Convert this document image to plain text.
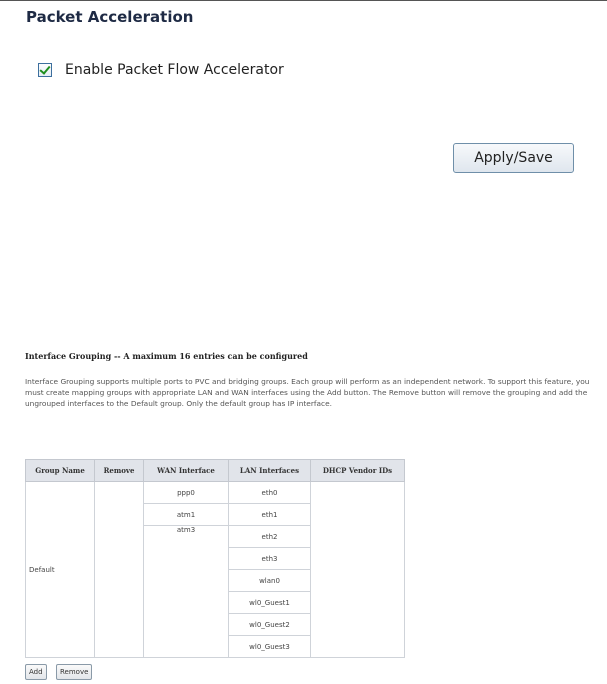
Packet Acceleration
Enable Packet Flow Accelerator
Apply/Save
Interface Grouping -- A maximum 16 entries can be configured
Interface Grouping supports multiple ports to PVC and bridging groups. Each group will perform as an independent network. To support this feature, you must create mapping groups with appropriate LAN and WAN interfaces using the Add button. The Remove button will remove the grouping and add the ungrouped interfaces to the Default group. Only the default group has IP interface.
Group Name	Remove	WAN Interface	LAN Interfaces	DHCP Vendor IDs
Default		ppp0	eth0	
		atm1	eth1	
		atm3	eth2	
			eth3	
			wlan0	
			wl0_Guest1	
			wl0_Guest2	
			wl0_Guest3	
Add	Remove
